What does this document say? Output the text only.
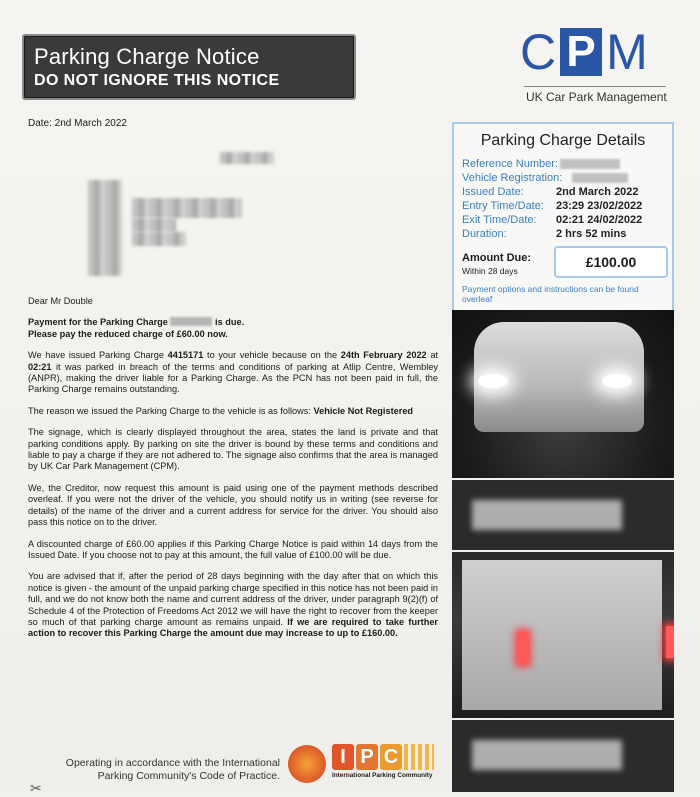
Parking Charge Notice
DO NOT IGNORE THIS NOTICE
C P M
UK Car Park Management
Date: 2nd March 2022

Dear Mr Double

Payment for the Parking Charge	is due.
Please pay the reduced charge of £60.00 now.

We have issued Parking Charge 4415171 to your vehicle because on the 24th February 2022 at 02:21 it was parked in breach of the terms and conditions of parking at Atlip Centre, Wembley (ANPR), making the driver liable for a Parking Charge. As the PCN has not been paid in full, the Parking Charge remains outstanding.

The reason we issued the Parking Charge to the vehicle is as follows: Vehicle Not Registered

The signage, which is clearly displayed throughout the area, states the land is private and that parking conditions apply. By parking on site the driver is bound by these terms and conditions and liable to pay a charge if they are not adhered to. The signage also confirms that the area is managed by UK Car Park Management (CPM).

We, the Creditor, now request this amount is paid using one of the payment methods described overleaf. If you were not the driver of the vehicle, you should notify us in writing (see reverse for details) of the name of the driver and a current address for service for the driver. You should also pass this notice on to the driver.

A discounted charge of £60.00 applies if this Parking Charge Notice is paid within 14 days from the Issued Date. If you choose not to pay at this amount, the full value of £100.00 will be due.

You are advised that if, after the period of 28 days beginning with the day after that on which this notice is given - the amount of the unpaid parking charge specified in this notice has not been paid in full, and we do not know both the name and current address of the driver, under paragraph 9(2)(f) of Schedule 4 of the Protection of Freedoms Act 2012 we will have the right to recover from the keeper so much of that parking charge amount as remains unpaid. If we are required to take further action to recover this Parking Charge the amount due may increase to up to £160.00.

Parking Charge Details
Reference Number:
Vehicle Registration:
Issued Date:	2nd March 2022
Entry Time/Date: 23:29 23/02/2022
Exit Time/Date: 02:21 24/02/2022
Duration:	2 hrs 52 mins
Amount Due:
Within 28 days
£100.00
Payment options and instructions can be found overleaf
Operating in accordance with the International
Parking Community's Code of Practice.
I P C
International Parking Community
✂
